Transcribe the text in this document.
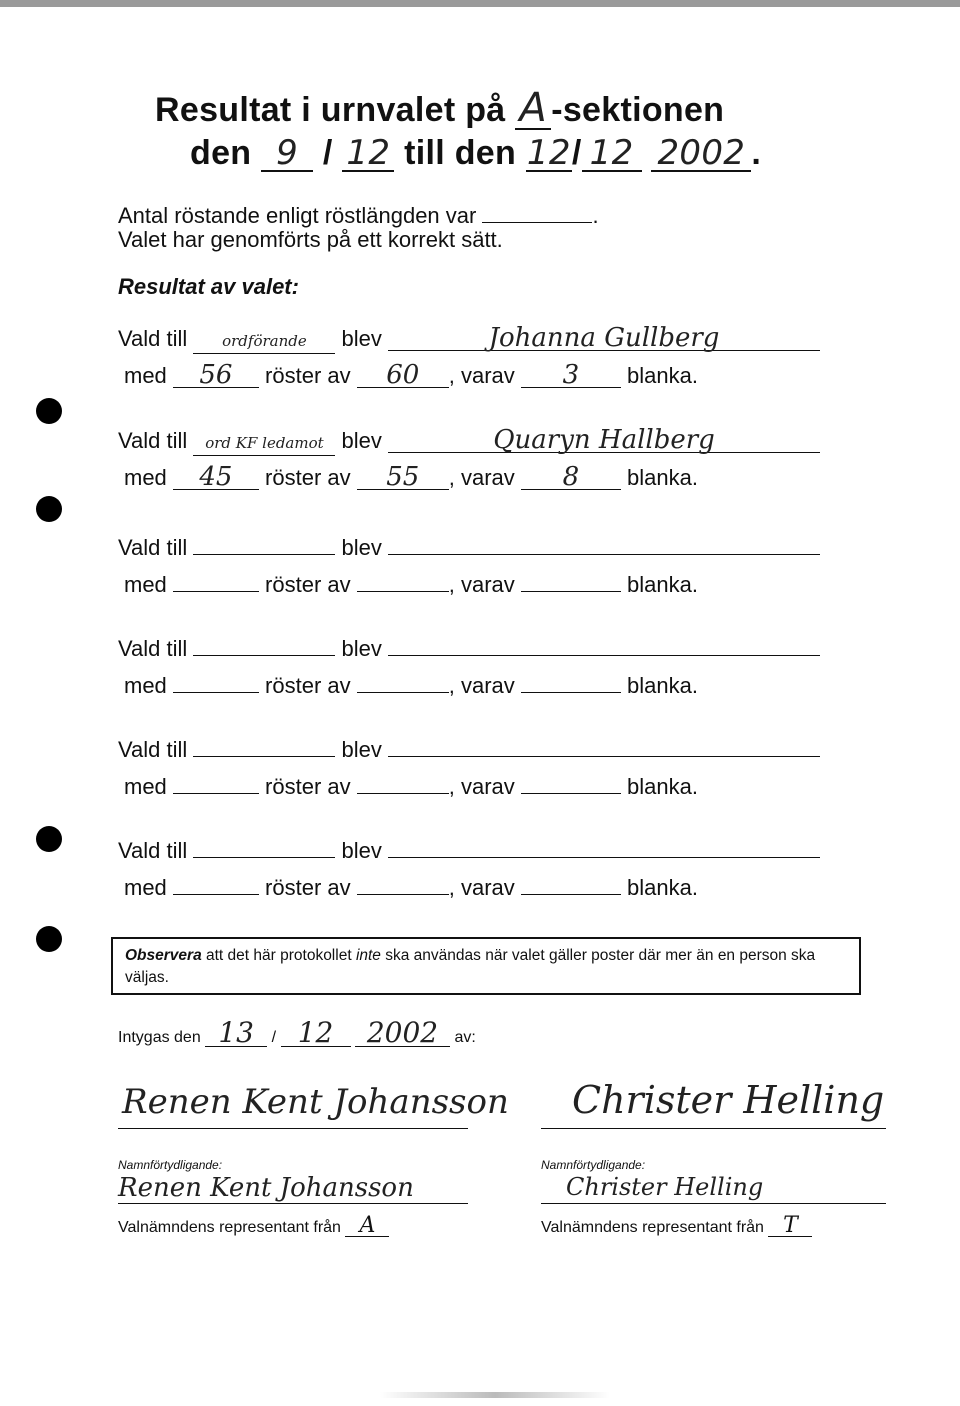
Resultat i urnvalet på A -sektionen
den 9 / 12 till den 12/ 12 2002 .
Antal röstande enligt röstlängden var	.
Valet har genomförts på ett korrekt sätt.
Resultat av valet:
Vald till ordförande blev	Johanna Gullberg
med 56 röster av 60 , varav 3 blanka.
Vald till ord KF ledamot blev	Quaryn Hallberg
med 45 röster av 55 , varav 8 blanka.
Vald till	blev
med	röster av	, varav	blanka.
Vald till	blev
med	röster av	, varav	blanka.
Vald till	blev
med	röster av	, varav	blanka.
Vald till	blev
med	röster av	, varav	blanka.
Observera att det här protokollet inte ska användas när valet gäller poster där mer än en person ska väljas.
Intygas den 13 / 12 2002 av:
Renen Kent Johansson Christer Helling
Namnförtydligande:	Namnförtydligande:
Renen Kent Johansson	Christer Helling
Valnämndens representant från A	Valnämndens representant från T
